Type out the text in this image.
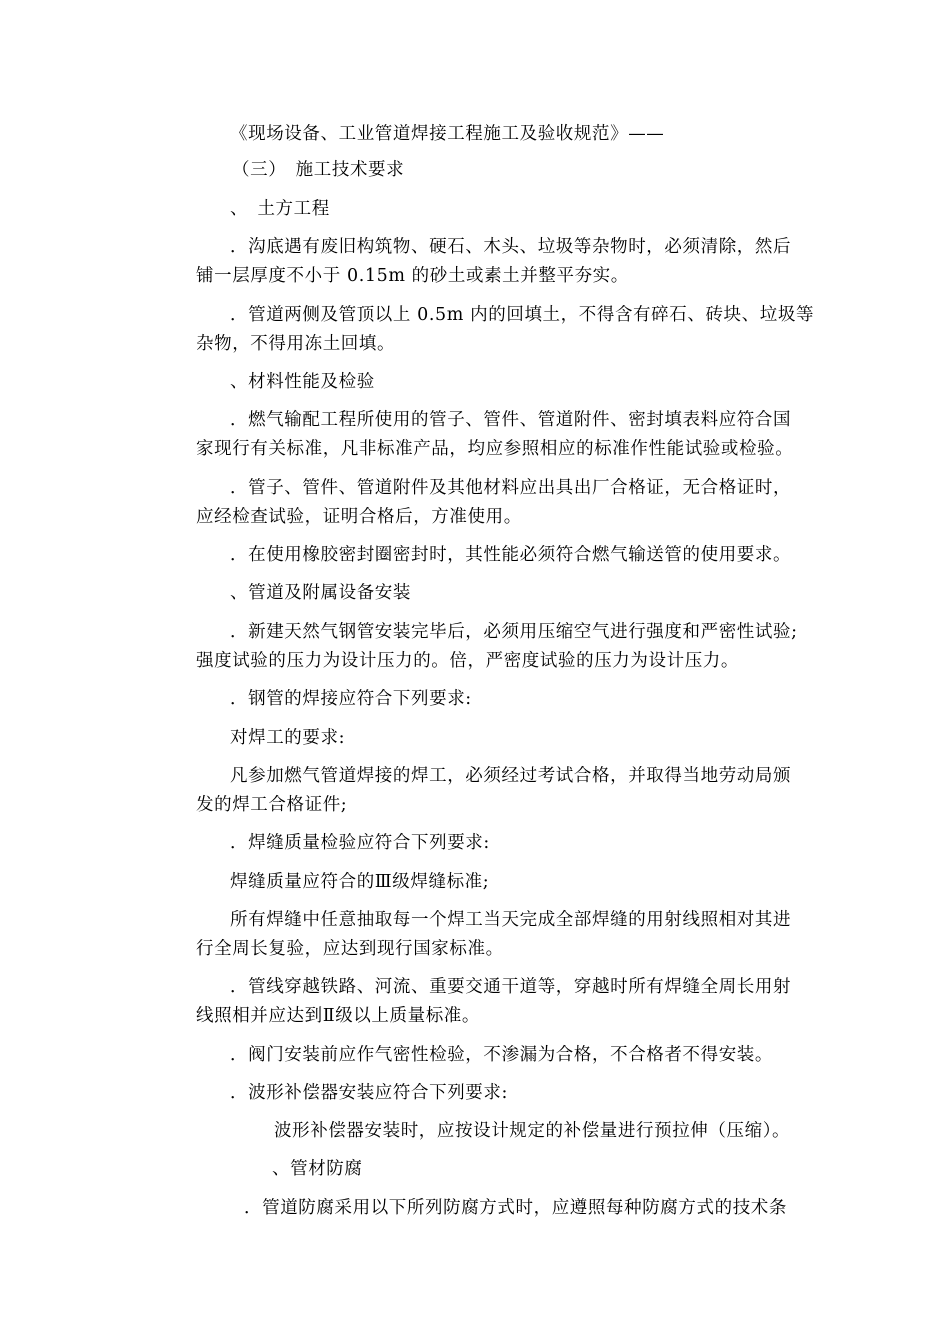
《现场设备、工业管道焊接工程施工及验收规范》——
（三）　施工技术要求
、　土方工程
．沟底遇有废旧构筑物、硬石、木头、垃圾等杂物时，必须清除，然后
铺一层厚度不小于 0.15m 的砂土或素土并整平夯实。
．管道两侧及管顶以上 0.5m 内的回填土，不得含有碎石、砖块、垃圾等
杂物，不得用冻土回填。
、材料性能及检验
．燃气输配工程所使用的管子、管件、管道附件、密封填表料应符合国
家现行有关标准，凡非标准产品，均应参照相应的标准作性能试验或检验。
．管子、管件、管道附件及其他材料应出具出厂合格证，无合格证时，
应经检查试验，证明合格后，方准使用。
．在使用橡胶密封圈密封时，其性能必须符合燃气输送管的使用要求。
、管道及附属设备安装
．新建天然气钢管安装完毕后，必须用压缩空气进行强度和严密性试验;
强度试验的压力为设计压力的。倍，严密度试验的压力为设计压力。
．钢管的焊接应符合下列要求:
对焊工的要求:
凡参加燃气管道焊接的焊工，必须经过考试合格，并取得当地劳动局颁
发的焊工合格证件;
．焊缝质量检验应符合下列要求:
焊缝质量应符合的Ⅲ级焊缝标准;
所有焊缝中任意抽取每一个焊工当天完成全部焊缝的用射线照相对其进
行全周长复验，应达到现行国家标准。
．管线穿越铁路、河流、重要交通干道等，穿越时所有焊缝全周长用射
线照相并应达到Ⅱ级以上质量标准。
．阀门安装前应作气密性检验，不渗漏为合格，不合格者不得安装。
．波形补偿器安装应符合下列要求:
波形补偿器安装时，应按设计规定的补偿量进行预拉伸（压缩）。
、管材防腐
．管道防腐采用以下所列防腐方式时，应遵照每种防腐方式的技术条
